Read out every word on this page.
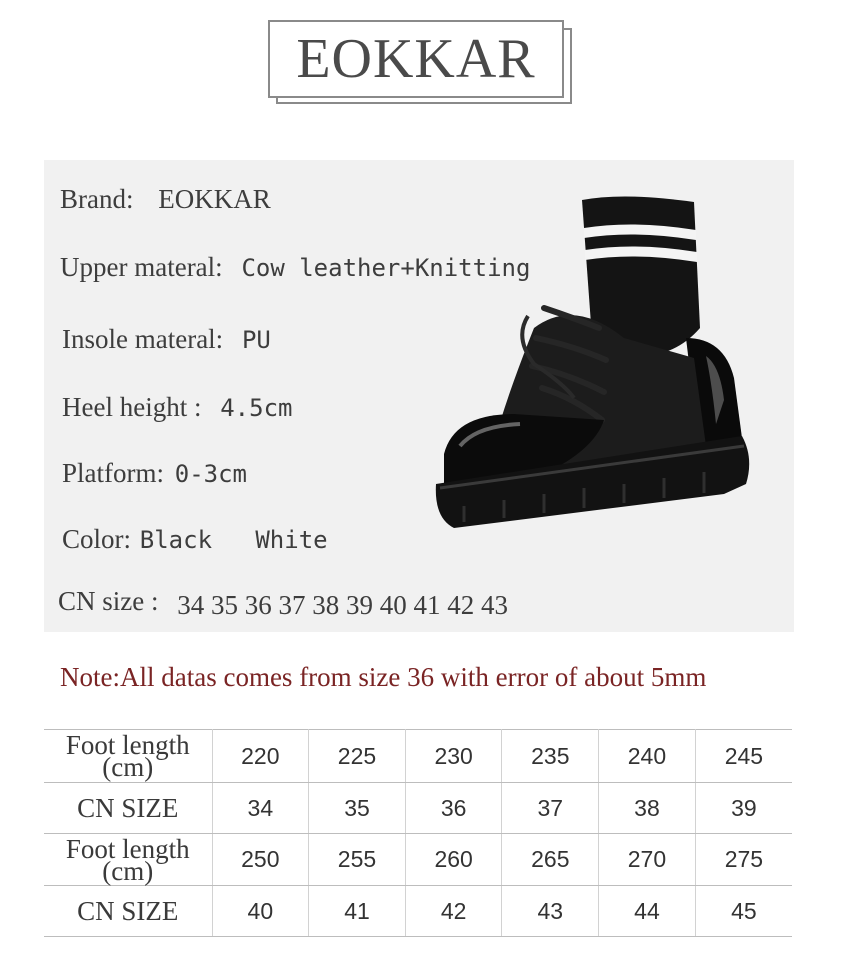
EOKKAR
Brand: EOKKAR
Upper materal: Cow leather+Knitting
Insole materal: PU
Heel height : 4.5cm
Platform: 0-3cm
Color: Black   White
CN size : 34 35 36 37 38 39 40 41 42 43
Note:All datas comes from size 36 with error of about 5mm
Foot length
(cm)	220	225	230	235	240	245
CN SIZE	34	35	36	37	38	39

Foot length
(cm)	250	255	260	265	270	275
CN SIZE	40	41	42	43	44	45
